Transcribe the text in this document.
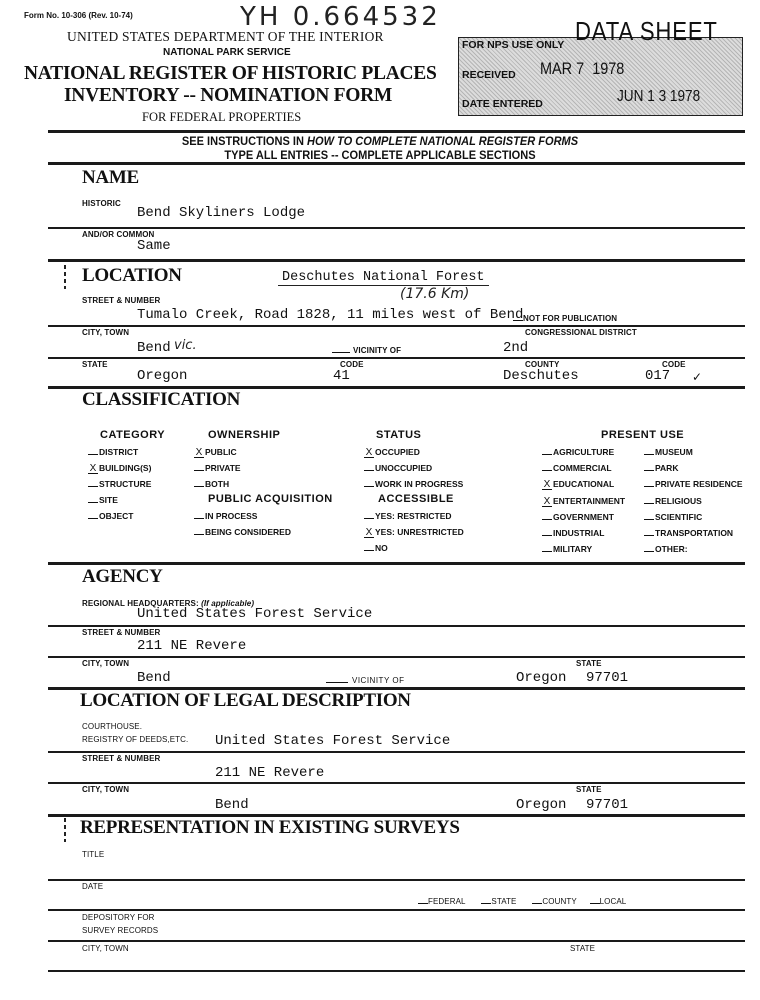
Form No. 10-306 (Rev. 10-74)	YH 0.664532
UNITED STATES DEPARTMENT OF THE INTERIOR
NATIONAL PARK SERVICE
NATIONAL REGISTER OF HISTORIC PLACES
INVENTORY -- NOMINATION FORM
FOR FEDERAL PROPERTIES
FOR NPS USE ONLY DATA SHEET
RECEIVED MAR 7  1978
DATE ENTERED	JUN 1 3 1978
SEE INSTRUCTIONS IN HOW TO COMPLETE NATIONAL REGISTER FORMS
TYPE ALL ENTRIES -- COMPLETE APPLICABLE SECTIONS
NAME
HISTORIC
Bend Skyliners Lodge
AND/OR COMMON
Same
LOCATION	Deschutes National Forest
(17.6 Km)
STREET & NUMBER
Tumalo Creek, Road 1828, 11 miles west of Bend NOT FOR PUBLICATION
CITY, TOWN	CONGRESSIONAL DISTRICT
Bend vic.	VICINITY OF	2nd
STATE	CODE	COUNTY	CODE
Oregon	41	Deschutes	017 ✓
CLASSIFICATION
CATEGORY
DISTRICT
X BUILDING(S)
STRUCTURE
SITE
OBJECT
OWNERSHIP
X PUBLIC
PRIVATE
BOTH
PUBLIC ACQUISITION
IN PROCESS
BEING CONSIDERED
STATUS
X OCCUPIED
UNOCCUPIED
WORK IN PROGRESS
ACCESSIBLE
YES: RESTRICTED
X YES: UNRESTRICTED
NO
PRESENT USE
AGRICULTURE
COMMERCIAL
X EDUCATIONAL
X ENTERTAINMENT
GOVERNMENT
INDUSTRIAL
MILITARY
MUSEUM
PARK
PRIVATE RESIDENCE
RELIGIOUS
SCIENTIFIC
TRANSPORTATION
OTHER:
AGENCY
REGIONAL HEADQUARTERS: (If applicable)
United States Forest Service
STREET & NUMBER
211 NE Revere
CITY, TOWN	STATE
Bend	VICINITY OF	Oregon 97701
LOCATION OF LEGAL DESCRIPTION
COURTHOUSE.
REGISTRY OF DEEDS,ETC. United States Forest Service
STREET & NUMBER
211 NE Revere
CITY, TOWN	STATE
Bend	Oregon 97701
REPRESENTATION IN EXISTING SURVEYS
TITLE
DATE
FEDERAL	STATE	COUNTY	LOCAL
DEPOSITORY FOR
SURVEY RECORDS
CITY, TOWN	STATE
